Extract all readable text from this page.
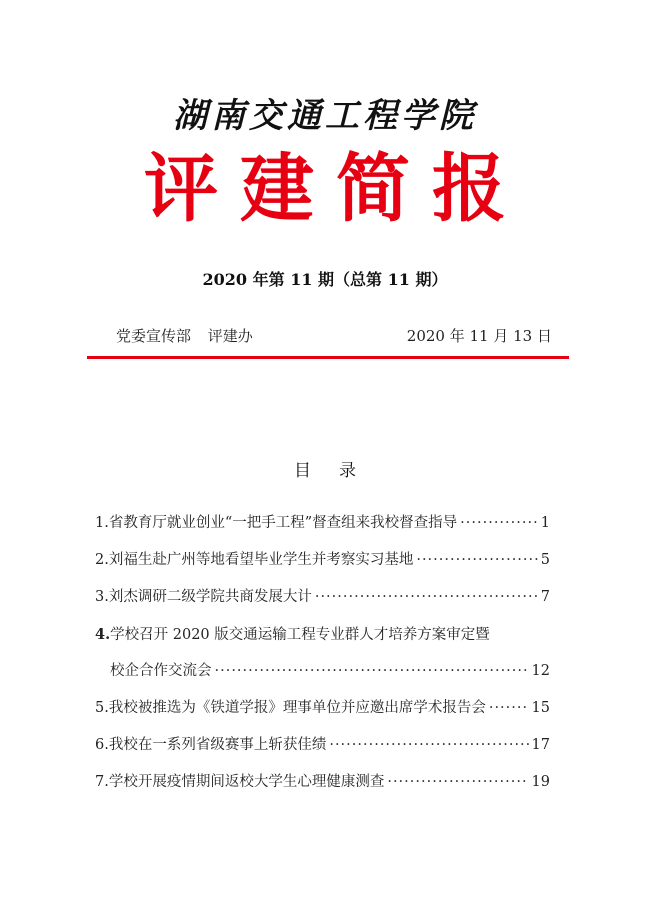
湖南交通工程学院
评建简报
2020 年第 11 期（总第 11 期）
党委宣传部 评建办	2020 年 11 月 13 日
目录
1.省教育厅就业创业“一把手工程”督查组来我校督查指导 ·····	1
2.刘福生赴广州等地看望毕业学生并考察实习基地 ·····	5
3.刘杰调研二级学院共商发展大计 ·····	7
4.学校召开 2020 版交通运输工程专业群人才培养方案审定暨
校企合作交流会 ·····	12
5.我校被推选为《铁道学报》理事单位并应邀出席学术报告会 ·····	15
6.我校在一系列省级赛事上斩获佳绩 ·····	17
7.学校开展疫情期间返校大学生心理健康测查 ·····	19
